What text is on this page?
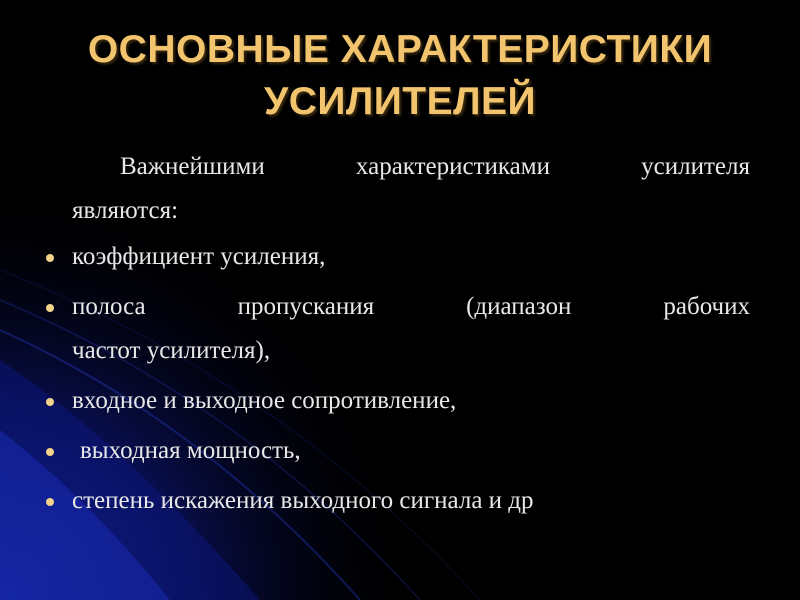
ОСНОВНЫЕ ХАРАКТЕРИСТИКИ
УСИЛИТЕЛЕЙ
Важнейшими	характеристиками	усилителя
являются:
коэффициент усиления,
полоса	пропускания	(диапазон	рабочих
частот усилителя),
входное и выходное сопротивление,
выходная мощность,
степень искажения выходного сигнала и др
